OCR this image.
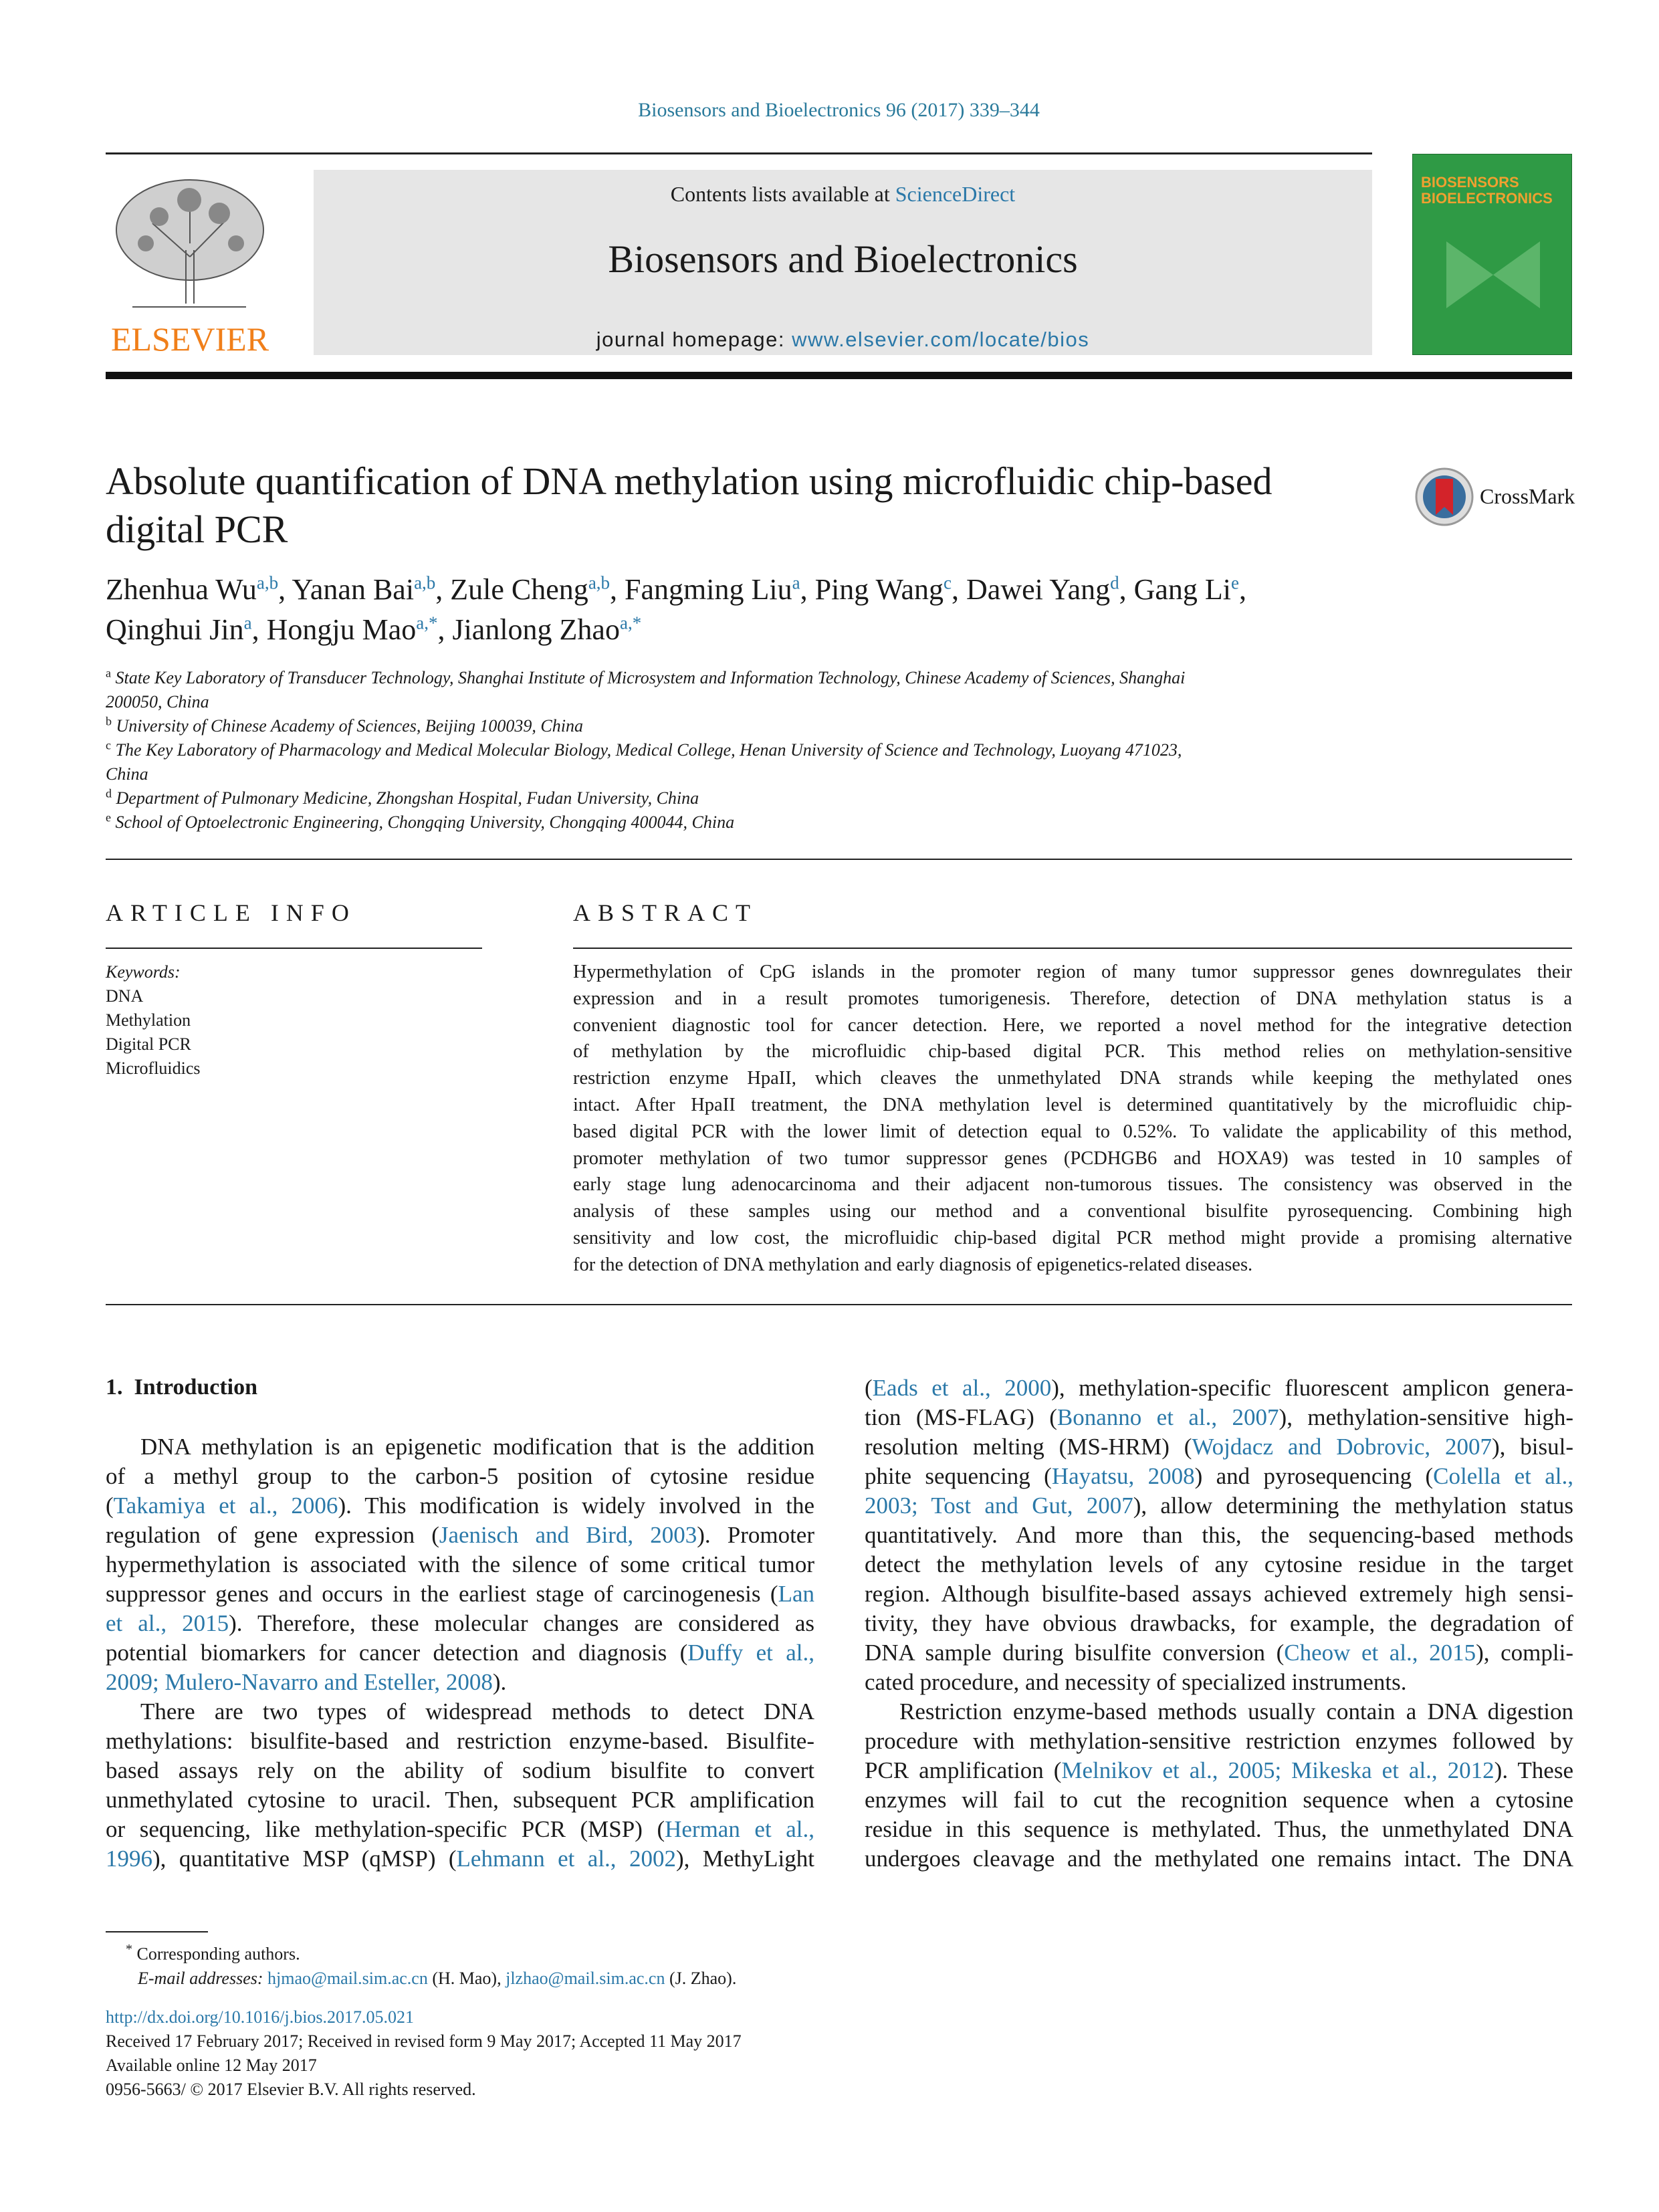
Biosensors and Bioelectronics 96 (2017) 339–344
ELSEVIER
Contents lists available at ScienceDirect
Biosensors and Bioelectronics
journal homepage: www.elsevier.com/locate/bios
BIOSENSORS
BIOELECTRONICS
Absolute quantification of DNA methylation using microfluidic chip-based
digital PCR
CrossMark
Zhenhua Wu$^{a,b}$, Yanan Bai$^{a,b}$, Zule Cheng$^{a,b}$, Fangming Liu$^a$, Ping Wang$^c$, Dawei Yang$^d$, Gang Li$^e$,
Qinghui Jin$^a$, Hongju Mao$^{a,*}$, Jianlong Zhao$^{a,*}$
$^a$ State Key Laboratory of Transducer Technology, Shanghai Institute of Microsystem and Information Technology, Chinese Academy of Sciences, Shanghai
200050, China
$^b$ University of Chinese Academy of Sciences, Beijing 100039, China
$^c$ The Key Laboratory of Pharmacology and Medical Molecular Biology, Medical College, Henan University of Science and Technology, Luoyang 471023,
China
$^d$ Department of Pulmonary Medicine, Zhongshan Hospital, Fudan University, China
$^e$ School of Optoelectronic Engineering, Chongqing University, Chongqing 400044, China
ARTICLE INFO
Keywords:
DNA
Methylation
Digital PCR
Microfluidics
ABSTRACT
Hypermethylation of CpG islands in the promoter region of many tumor suppressor genes downregulates their
expression and in a result promotes tumorigenesis. Therefore, detection of DNA methylation status is a
convenient diagnostic tool for cancer detection. Here, we reported a novel method for the integrative detection
of methylation by the microfluidic chip-based digital PCR. This method relies on methylation-sensitive
restriction enzyme HpaII, which cleaves the unmethylated DNA strands while keeping the methylated ones
intact. After HpaII treatment, the DNA methylation level is determined quantitatively by the microfluidic chip-
based digital PCR with the lower limit of detection equal to 0.52%. To validate the applicability of this method,
promoter methylation of two tumor suppressor genes (PCDHGB6 and HOXA9) was tested in 10 samples of
early stage lung adenocarcinoma and their adjacent non-tumorous tissues. The consistency was observed in the
analysis of these samples using our method and a conventional bisulfite pyrosequencing. Combining high
sensitivity and low cost, the microfluidic chip-based digital PCR method might provide a promising alternative
for the detection of DNA methylation and early diagnosis of epigenetics-related diseases.
1.  Introduction
DNA methylation is an epigenetic modification that is the addition
of a methyl group to the carbon-5 position of cytosine residue
(Takamiya et al., 2006). This modification is widely involved in the
regulation of gene expression (Jaenisch and Bird, 2003). Promoter
hypermethylation is associated with the silence of some critical tumor
suppressor genes and occurs in the earliest stage of carcinogenesis (Lan
et al., 2015). Therefore, these molecular changes are considered as
potential biomarkers for cancer detection and diagnosis (Duffy et al.,
2009; Mulero-Navarro and Esteller, 2008).
There are two types of widespread methods to detect DNA
methylations: bisulfite-based and restriction enzyme-based. Bisulfite-
based assays rely on the ability of sodium bisulfite to convert
unmethylated cytosine to uracil. Then, subsequent PCR amplification
or sequencing, like methylation-specific PCR (MSP) (Herman et al.,
1996), quantitative MSP (qMSP) (Lehmann et al., 2002), MethyLight
(Eads et al., 2000), methylation-specific fluorescent amplicon genera-
tion (MS-FLAG) (Bonanno et al., 2007), methylation-sensitive high-
resolution melting (MS-HRM) (Wojdacz and Dobrovic, 2007), bisul-
phite sequencing (Hayatsu, 2008) and pyrosequencing (Colella et al.,
2003; Tost and Gut, 2007), allow determining the methylation status
quantitatively. And more than this, the sequencing-based methods
detect the methylation levels of any cytosine residue in the target
region. Although bisulfite-based assays achieved extremely high sensi-
tivity, they have obvious drawbacks, for example, the degradation of
DNA sample during bisulfite conversion (Cheow et al., 2015), compli-
cated procedure, and necessity of specialized instruments.
Restriction enzyme-based methods usually contain a DNA digestion
procedure with methylation-sensitive restriction enzymes followed by
PCR amplification (Melnikov et al., 2005; Mikeska et al., 2012). These
enzymes will fail to cut the recognition sequence when a cytosine
residue in this sequence is methylated. Thus, the unmethylated DNA
undergoes cleavage and the methylated one remains intact. The DNA
* Corresponding authors.
E-mail addresses: hjmao@mail.sim.ac.cn (H. Mao), jlzhao@mail.sim.ac.cn (J. Zhao).
http://dx.doi.org/10.1016/j.bios.2017.05.021
Received 17 February 2017; Received in revised form 9 May 2017; Accepted 11 May 2017
Available online 12 May 2017
0956-5663/ © 2017 Elsevier B.V. All rights reserved.
